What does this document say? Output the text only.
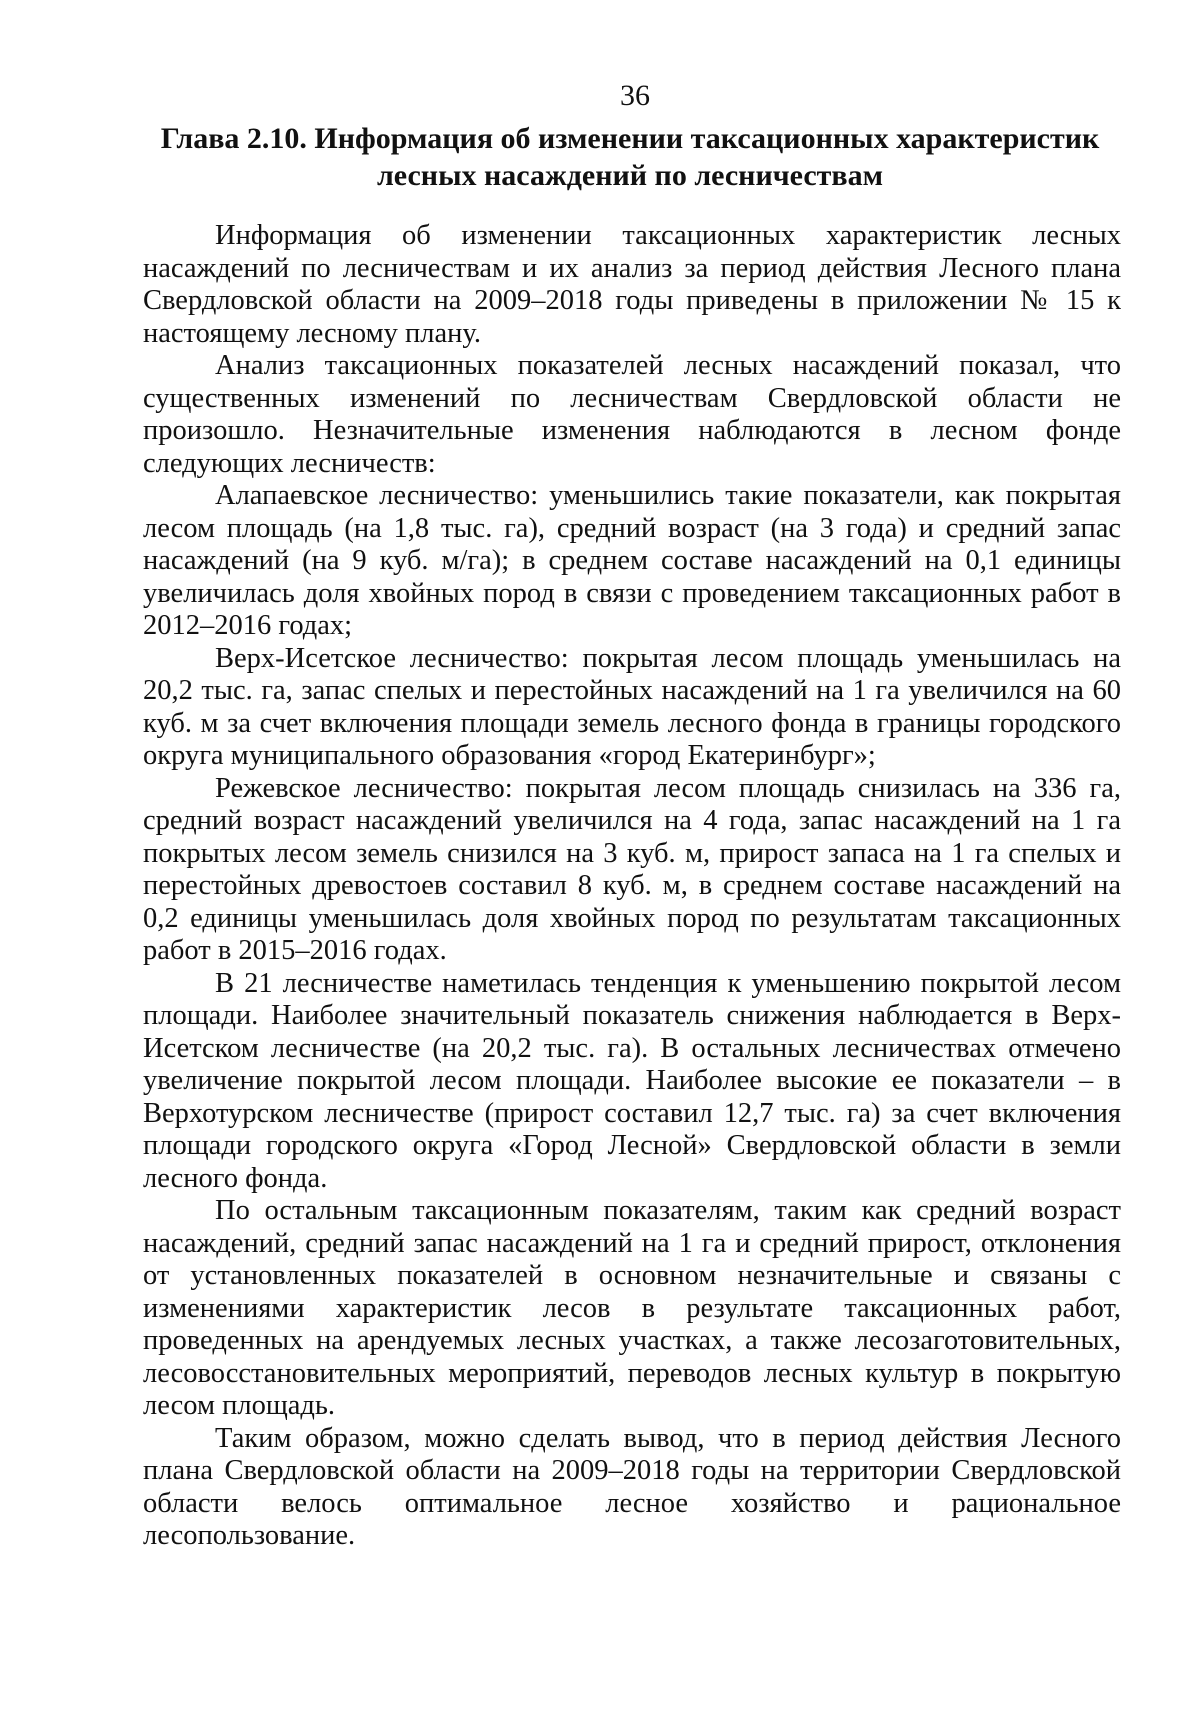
36
Глава 2.10. Информация об изменении таксационных характеристик
лесных насаждений по лесничествам

Информация об изменении таксационных характеристик лесных насаждений по лесничествам и их анализ за период действия Лесного плана Свердловской области на 2009–2018 годы приведены в приложении № 15 к настоящему лесному плану.

Анализ таксационных показателей лесных насаждений показал, что существенных изменений по лесничествам Свердловской области не произошло. Незначительные изменения наблюдаются в лесном фонде следующих лесничеств:

Алапаевское лесничество: уменьшились такие показатели, как покрытая лесом площадь (на 1,8 тыс. га), средний возраст (на 3 года) и средний запас насаждений (на 9 куб. м/га); в среднем составе насаждений на 0,1 единицы увеличилась доля хвойных пород в связи с проведением таксационных работ в 2012–2016 годах;

Верх-Исетское лесничество: покрытая лесом площадь уменьшилась на 20,2 тыс. га, запас спелых и перестойных насаждений на 1 га увеличился на 60 куб. м за счет включения площади земель лесного фонда в границы городского округа муниципального образования «город Екатеринбург»;

Режевское лесничество: покрытая лесом площадь снизилась на 336 га, средний возраст насаждений увеличился на 4 года, запас насаждений на 1 га покрытых лесом земель снизился на 3 куб. м, прирост запаса на 1 га спелых и перестойных древостоев составил 8 куб. м, в среднем составе насаждений на 0,2 единицы уменьшилась доля хвойных пород по результатам таксационных работ в 2015–2016 годах.

В 21 лесничестве наметилась тенденция к уменьшению покрытой лесом площади. Наиболее значительный показатель снижения наблюдается в Верх-Исетском лесничестве (на 20,2 тыс. га). В остальных лесничествах отмечено увеличение покрытой лесом площади. Наиболее высокие ее показатели – в Верхотурском лесничестве (прирост составил 12,7 тыс. га) за счет включения площади городского округа «Город Лесной» Свердловской области в земли лесного фонда.

По остальным таксационным показателям, таким как средний возраст насаждений, средний запас насаждений на 1 га и средний прирост, отклонения от установленных показателей в основном незначительные и связаны с изменениями характеристик лесов в результате таксационных работ, проведенных на арендуемых лесных участках, а также лесозаготовительных, лесовосстановительных мероприятий, переводов лесных культур в покрытую лесом площадь.

Таким образом, можно сделать вывод, что в период действия Лесного плана Свердловской области на 2009–2018 годы на территории Свердловской области велось оптимальное лесное хозяйство и рациональное лесопользование.
